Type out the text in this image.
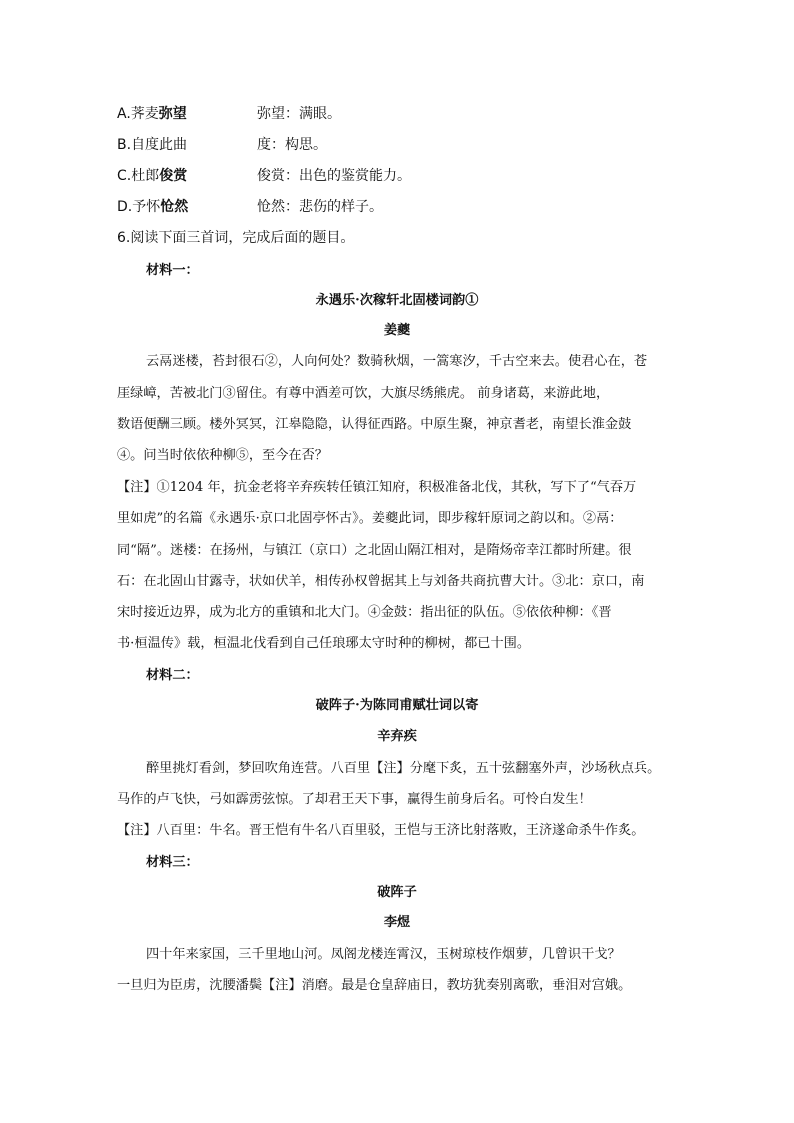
A.荠麦弥望	弥望：满眼。
B.自度此曲	度：构思。
C.杜郎俊赏	俊赏：出色的鉴赏能力。
D.予怀怆然	怆然：悲伤的样子。
6.阅读下面三首词，完成后面的题目。
材料一：
永遇乐·次稼轩北固楼词韵①
姜夔
云鬲迷楼，苔封很石②，人向何处？数骑秋烟，一篙寒汐，千古空来去。使君心在，苍
厓绿嶂，苦被北门③留住。有尊中酒差可饮，大旗尽绣熊虎。 前身诸葛，来游此地，
数语便酬三顾。楼外冥冥，江皋隐隐，认得征西路。中原生聚，神京耆老，南望长淮金鼓
④。问当时依依种柳⑤，至今在否？
【注】①1204 年，抗金老将辛弃疾转任镇江知府，积极准备北伐，其秋，写下了“气吞万
里如虎”的名篇《永遇乐·京口北固亭怀古》。姜夔此词，即步稼轩原词之韵以和。②鬲：
同“隔”。迷楼：在扬州，与镇江（京口）之北固山隔江相对，是隋炀帝幸江都时所建。很
石：在北固山甘露寺，状如伏羊，相传孙权曾据其上与刘备共商抗曹大计。③北：京口，南
宋时接近边界，成为北方的重镇和北大门。④金鼓：指出征的队伍。⑤依依种柳：《晋
书·桓温传》载，桓温北伐看到自己任琅琊太守时种的柳树，都已十围。
材料二：
破阵子·为陈同甫赋壮词以寄
辛弃疾
醉里挑灯看剑，梦回吹角连营。八百里【注】分麾下炙，五十弦翻塞外声，沙场秋点兵。
马作的卢飞快，弓如霹雳弦惊。了却君王天下事，赢得生前身后名。可怜白发生！
【注】八百里：牛名。晋王恺有牛名八百里驳，王恺与王济比射落败，王济遂命杀牛作炙。
材料三：
破阵子
李煜
四十年来家国，三千里地山河。凤阁龙楼连霄汉，玉树琼枝作烟萝，几曾识干戈？
一旦归为臣虏，沈腰潘鬓【注】消磨。最是仓皇辞庙日，教坊犹奏别离歌，垂泪对宫娥。
